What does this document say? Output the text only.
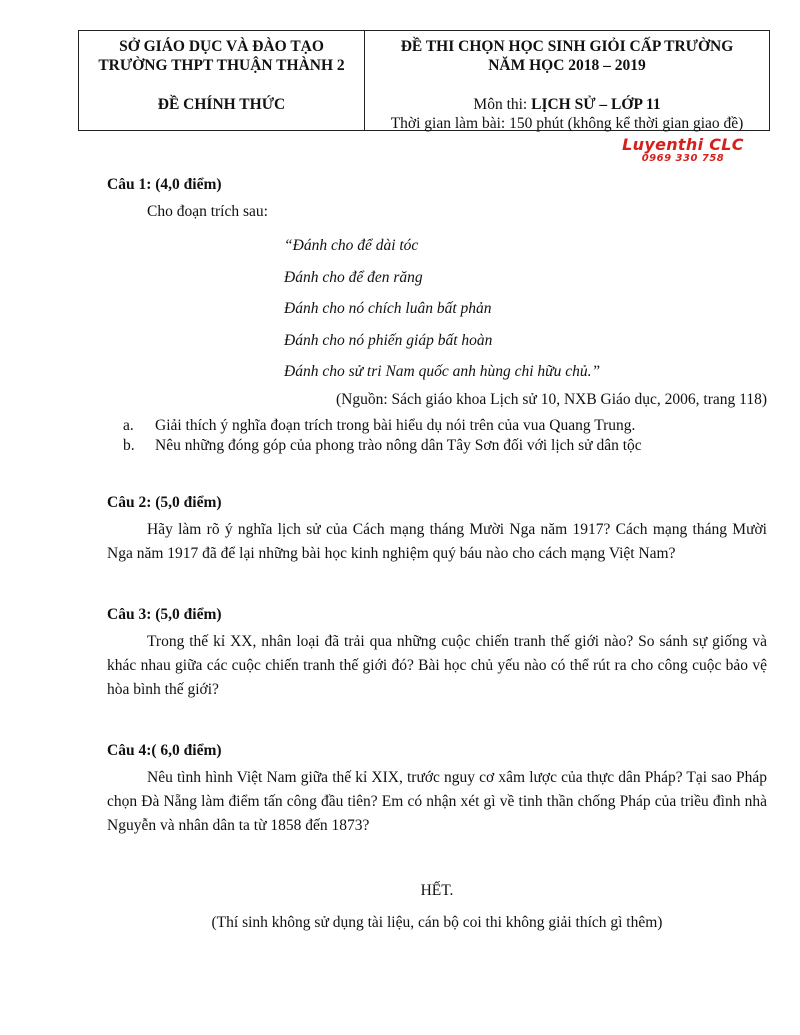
SỞ GIÁO DỤC VÀ ĐÀO TẠO
TRƯỜNG THPT THUẬN THÀNH 2
ĐỀ CHÍNH THỨC
ĐỀ THI CHỌN HỌC SINH GIỎI CẤP TRƯỜNG
NĂM HỌC 2018 – 2019
Môn thi: LỊCH SỬ – LỚP 11
Thời gian làm bài: 150 phút (không kể thời gian giao đề)
Luyenthi CLC
0969 330 758
Câu 1: (4,0 điểm)

Cho đoạn trích sau:

“Đánh cho để dài tóc
Đánh cho để đen răng
Đánh cho nó chích luân bất phản
Đánh cho nó phiến giáp bất hoàn
Đánh cho sử tri Nam quốc anh hùng chi hữu chủ.”
(Nguồn: Sách giáo khoa Lịch sử 10, NXB Giáo dục, 2006, trang 118)
a. Giải thích ý nghĩa đoạn trích trong bài hiểu dụ nói trên của vua Quang Trung.
b. Nêu những đóng góp của phong trào nông dân Tây Sơn đối với lịch sử dân tộc
Câu 2: (5,0 điểm)

Hãy làm rõ ý nghĩa lịch sử của Cách mạng tháng Mười Nga năm 1917? Cách mạng tháng Mười Nga năm 1917 đã để lại những bài học kinh nghiệm quý báu nào cho cách mạng Việt Nam?

Câu 3: (5,0 điểm)

Trong thế kỉ XX, nhân loại đã trải qua những cuộc chiến tranh thế giới nào? So sánh sự giống và khác nhau giữa các cuộc chiến tranh thế giới đó? Bài học chủ yếu nào có thể rút ra cho công cuộc bảo vệ hòa bình thế giới?

Câu 4:( 6,0 điểm)

Nêu tình hình Việt Nam giữa thế kỉ XIX, trước nguy cơ xâm lược của thực dân Pháp? Tại sao Pháp chọn Đà Nẵng làm điểm tấn công đầu tiên? Em có nhận xét gì về tinh thần chống Pháp của triều đình nhà Nguyễn và nhân dân ta từ 1858 đến 1873?

HẾT.
(Thí sinh không sử dụng tài liệu, cán bộ coi thi không giải thích gì thêm)
